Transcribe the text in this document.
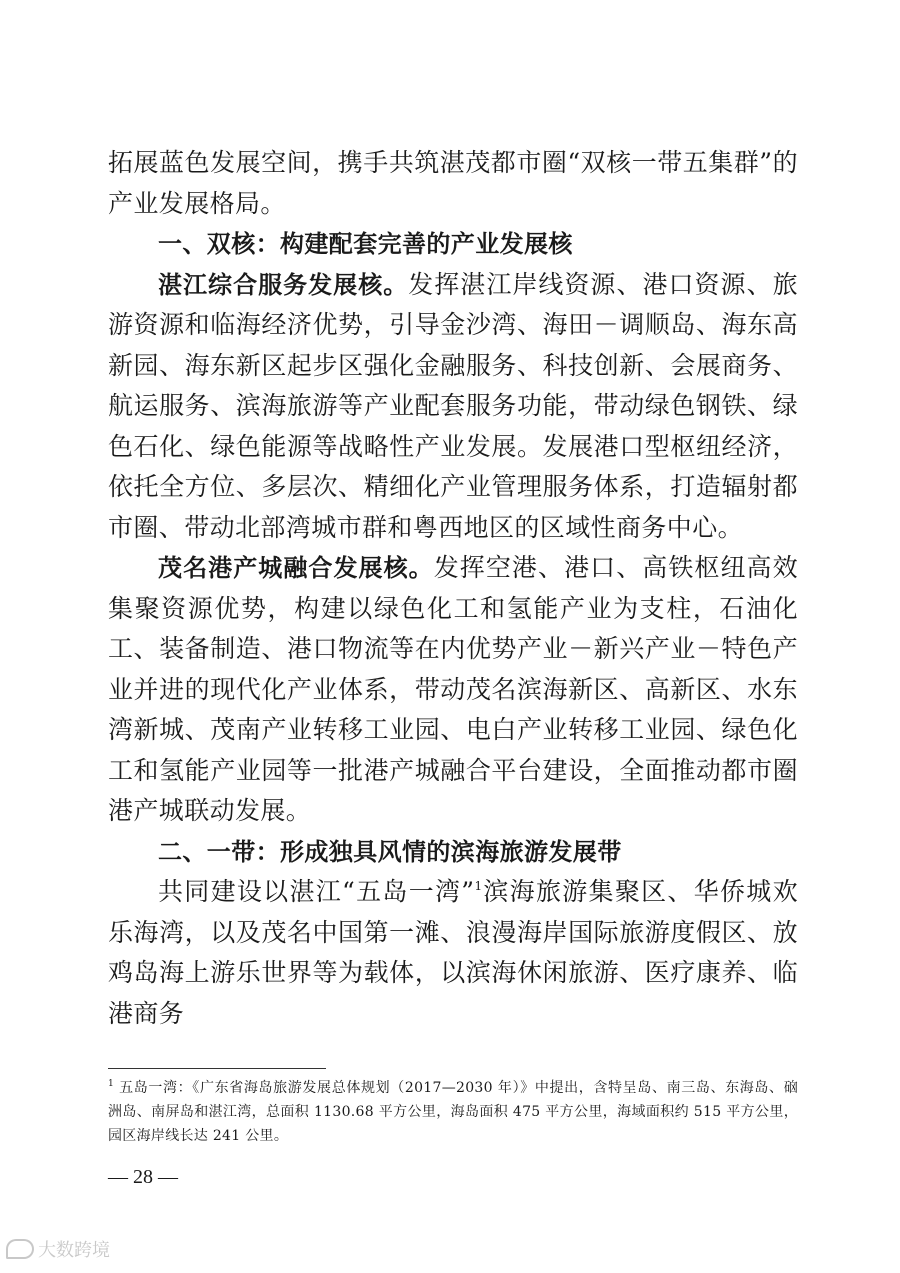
拓展蓝色发展空间，携手共筑湛茂都市圈“双核一带五集群”的产业发展格局。

一、双核：构建配套完善的产业发展核

湛江综合服务发展核。发挥湛江岸线资源、港口资源、旅游资源和临海经济优势，引导金沙湾、海田－调顺岛、海东高新园、海东新区起步区强化金融服务、科技创新、会展商务、航运服务、滨海旅游等产业配套服务功能，带动绿色钢铁、绿色石化、绿色能源等战略性产业发展。发展港口型枢纽经济，依托全方位、多层次、精细化产业管理服务体系，打造辐射都市圈、带动北部湾城市群和粤西地区的区域性商务中心。

茂名港产城融合发展核。发挥空港、港口、高铁枢纽高效集聚资源优势，构建以绿色化工和氢能产业为支柱，石油化工、装备制造、港口物流等在内优势产业－新兴产业－特色产业并进的现代化产业体系，带动茂名滨海新区、高新区、水东湾新城、茂南产业转移工业园、电白产业转移工业园、绿色化工和氢能产业园等一批港产城融合平台建设，全面推动都市圈港产城联动发展。

二、一带：形成独具风情的滨海旅游发展带

共同建设以湛江“五岛一湾”$^1$滨海旅游集聚区、华侨城欢乐海湾，以及茂名中国第一滩、浪漫海岸国际旅游度假区、放鸡岛海上游乐世界等为载体，以滨海休闲旅游、医疗康养、临港商务

$^1$ 五岛一湾：《广东省海岛旅游发展总体规划（2017—2030 年）》中提出，含特呈岛、南三岛、东海岛、硇洲岛、南屏岛和湛江湾，总面积 1130.68 平方公里，海岛面积 475 平方公里，海域面积约 515 平方公里，园区海岸线长达 241 公里。
— 28 —
大数跨境
